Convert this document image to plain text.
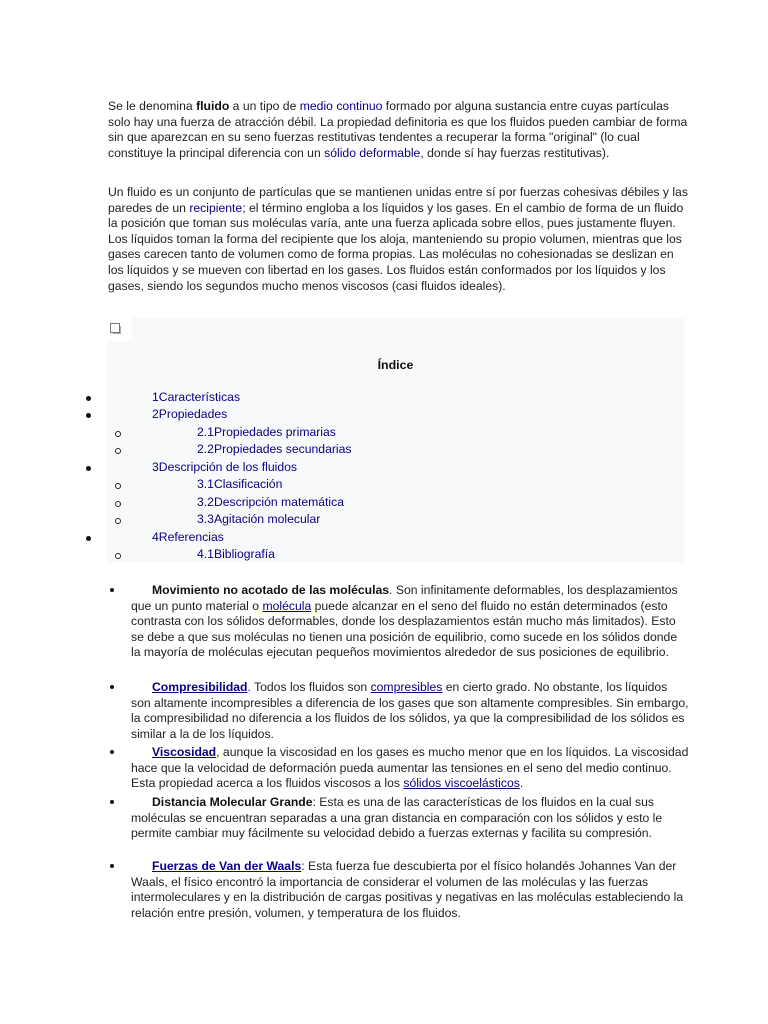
Se le denomina fluido a un tipo de medio continuo formado por alguna sustancia entre cuyas partículas solo hay una fuerza de atracción débil. La propiedad definitoria es que los fluidos pueden cambiar de forma sin que aparezcan en su seno fuerzas restitutivas tendentes a recuperar la forma "original" (lo cual constituye la principal diferencia con un sólido deformable, donde sí hay fuerzas restitutivas).

Un fluido es un conjunto de partículas que se mantienen unidas entre sí por fuerzas cohesivas débiles y las paredes de un recipiente; el término engloba a los líquidos y los gases. En el cambio de forma de un fluido la posición que toman sus moléculas varía, ante una fuerza aplicada sobre ellos, pues justamente fluyen. Los líquidos toman la forma del recipiente que los aloja, manteniendo su propio volumen, mientras que los gases carecen tanto de volumen como de forma propias. Las moléculas no cohesionadas se deslizan en los líquidos y se mueven con libertad en los gases. Los fluidos están conformados por los líquidos y los gases, siendo los segundos mucho menos viscosos (casi fluidos ideales).

Índice
1Características
2Propiedades
2.1Propiedades primarias
2.2Propiedades secundarias
3Descripción de los fluidos
3.1Clasificación
3.2Descripción matemática
3.3Agitación molecular
4Referencias
4.1Bibliografía

Movimiento no acotado de las moléculas. Son infinitamente deformables, los desplazamientos que un punto material o molécula puede alcanzar en el seno del fluido no están determinados (esto contrasta con los sólidos deformables, donde los desplazamientos están mucho más limitados). Esto se debe a que sus moléculas no tienen una posición de equilibrio, como sucede en los sólidos donde la mayoría de moléculas ejecutan pequeños movimientos alrededor de sus posiciones de equilibrio.

Compresibilidad. Todos los fluidos son compresibles en cierto grado. No obstante, los líquidos son altamente incompresibles a diferencia de los gases que son altamente compresibles. Sin embargo, la compresibilidad no diferencia a los fluidos de los sólidos, ya que la compresibilidad de los sólidos es similar a la de los líquidos.

Viscosidad, aunque la viscosidad en los gases es mucho menor que en los líquidos. La viscosidad hace que la velocidad de deformación pueda aumentar las tensiones en el seno del medio continuo. Esta propiedad acerca a los fluidos viscosos a los sólidos viscoelásticos.

Distancia Molecular Grande: Esta es una de las características de los fluidos en la cual sus moléculas se encuentran separadas a una gran distancia en comparación con los sólidos y esto le permite cambiar muy fácilmente su velocidad debido a fuerzas externas y facilita su compresión.

Fuerzas de Van der Waals: Esta fuerza fue descubierta por el físico holandés Johannes Van der Waals, el físico encontró la importancia de considerar el volumen de las moléculas y las fuerzas intermoleculares y en la distribución de cargas positivas y negativas en las moléculas estableciendo la relación entre presión, volumen, y temperatura de los fluidos.
